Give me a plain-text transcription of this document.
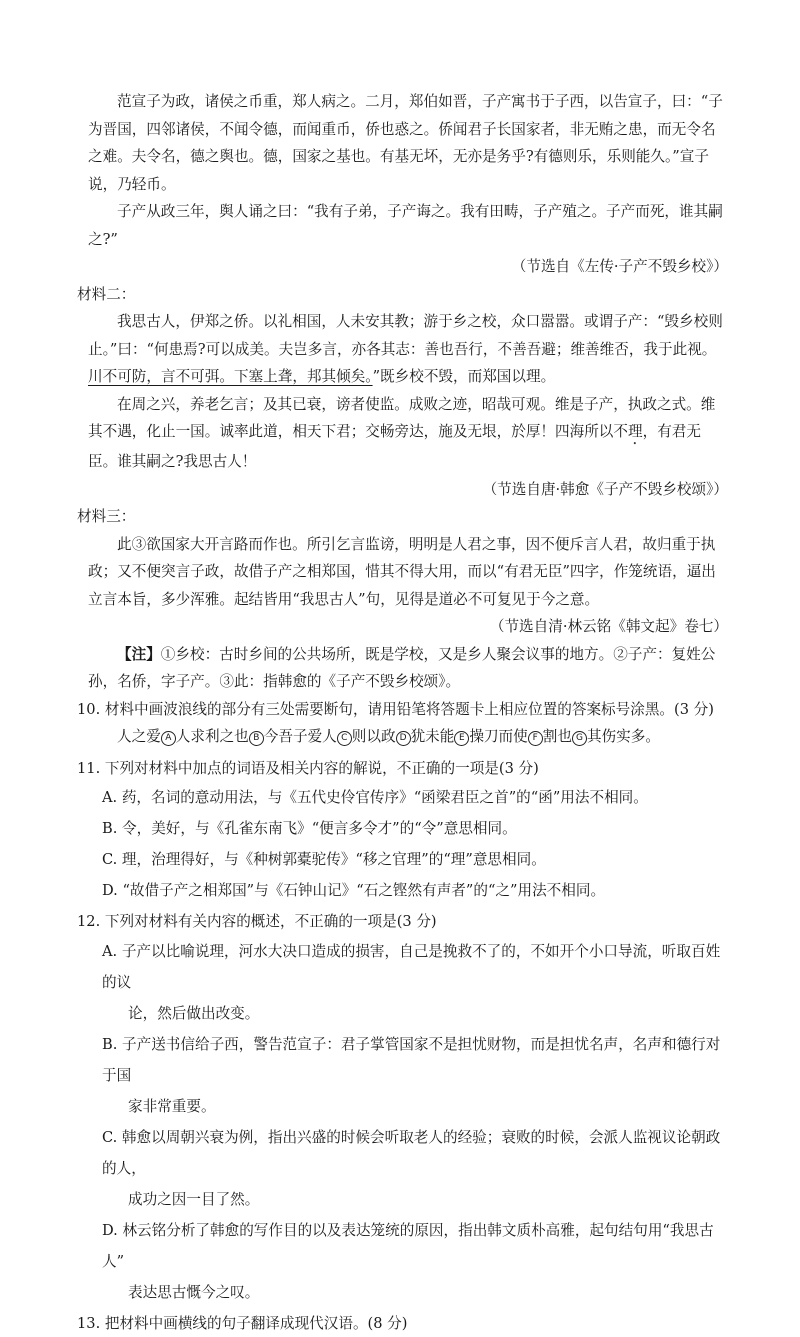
范宣子为政，诸侯之币重，郑人病之。二月，郑伯如晋，子产寓书于子西，以告宣子，曰：“子为晋国，四邻诸侯，不闻令德，而闻重币，侨也惑之。侨闻君子长国家者，非无贿之患，而无令名之难。夫令名，德之舆也。德，国家之基也。有基无坏，无亦是务乎?有德则乐，乐则能久。”宣子说，乃轻币。

子产从政三年，舆人诵之曰：“我有子弟，子产诲之。我有田畴，子产殖之。子产而死，谁其嗣之?”

（节选自《左传·子产不毁乡校》）

材料二：

我思古人，伊郑之侨。以礼相国，人未安其教；游于乡之校，众口嚣嚣。或谓子产：“毁乡校则止。”曰：“何患焉?可以成美。夫岂多言，亦各其志：善也吾行，不善吾避；维善维否，我于此视。川不可防，言不可弭。下塞上聋，邦其倾矣。”既乡校不毁，而郑国以理。

在周之兴，养老乞言；及其已衰，谤者使监。成败之迹，昭哉可观。维是子产，执政之式。维其不遇，化止一国。诚率此道，相天下君；交畅旁达，施及无垠，於厚！四海所以不理，有君无臣。谁其嗣之?我思古人！

（节选自唐·韩愈《子产不毁乡校颂》）

材料三：

此③欲国家大开言路而作也。所引乞言监谤，明明是人君之事，因不便斥言人君，故归重于执政；又不便突言子政，故借子产之相郑国，惜其不得大用，而以“有君无臣”四字，作笼统语，逼出立言本旨，多少浑雅。起结皆用“我思古人”句，见得是道必不可复见于今之意。

（节选自清·林云铭《韩文起》卷七）

【注】①乡校：古时乡间的公共场所，既是学校，又是乡人聚会议事的地方。②子产：复姓公孙，名侨，字子产。③此：指韩愈的《子产不毁乡校颂》。

10. 材料中画波浪线的部分有三处需要断句，请用铅笔将答题卡上相应位置的答案标号涂黑。(3 分)

人之爱 A 人求利之也 B 今吾子爱人 C 则以政 D 犹未能 E 操刀而使 F 割也 G 其伤实多。

11. 下列对材料中加点的词语及相关内容的解说，不正确的一项是(3 分)

A. 药，名词的意动用法，与《五代史伶官传序》“函梁君臣之首”的“函”用法不相同。

B. 令，美好，与《孔雀东南飞》“便言多令才”的“令”意思相同。

C. 理，治理得好，与《种树郭橐驼传》“移之官理”的“理”意思相同。

D. “故借子产之相郑国”与《石钟山记》“石之铿然有声者”的“之”用法不相同。

12. 下列对材料有关内容的概述，不正确的一项是(3 分)

A. 子产以比喻说理，河水大决口造成的损害，自己是挽救不了的，不如开个小口导流，听取百姓的议

论，然后做出改变。

B. 子产送书信给子西，警告范宣子：君子掌管国家不是担忧财物，而是担忧名声，名声和德行对于国

家非常重要。

C. 韩愈以周朝兴衰为例，指出兴盛的时候会听取老人的经验；衰败的时候，会派人监视议论朝政的人，

成功之因一目了然。

D. 林云铭分析了韩愈的写作目的以及表达笼统的原因，指出韩文质朴高雅，起句结句用“我思古人”

表达思古慨今之叹。

13. 把材料中画横线的句子翻译成现代汉语。(8 分)
